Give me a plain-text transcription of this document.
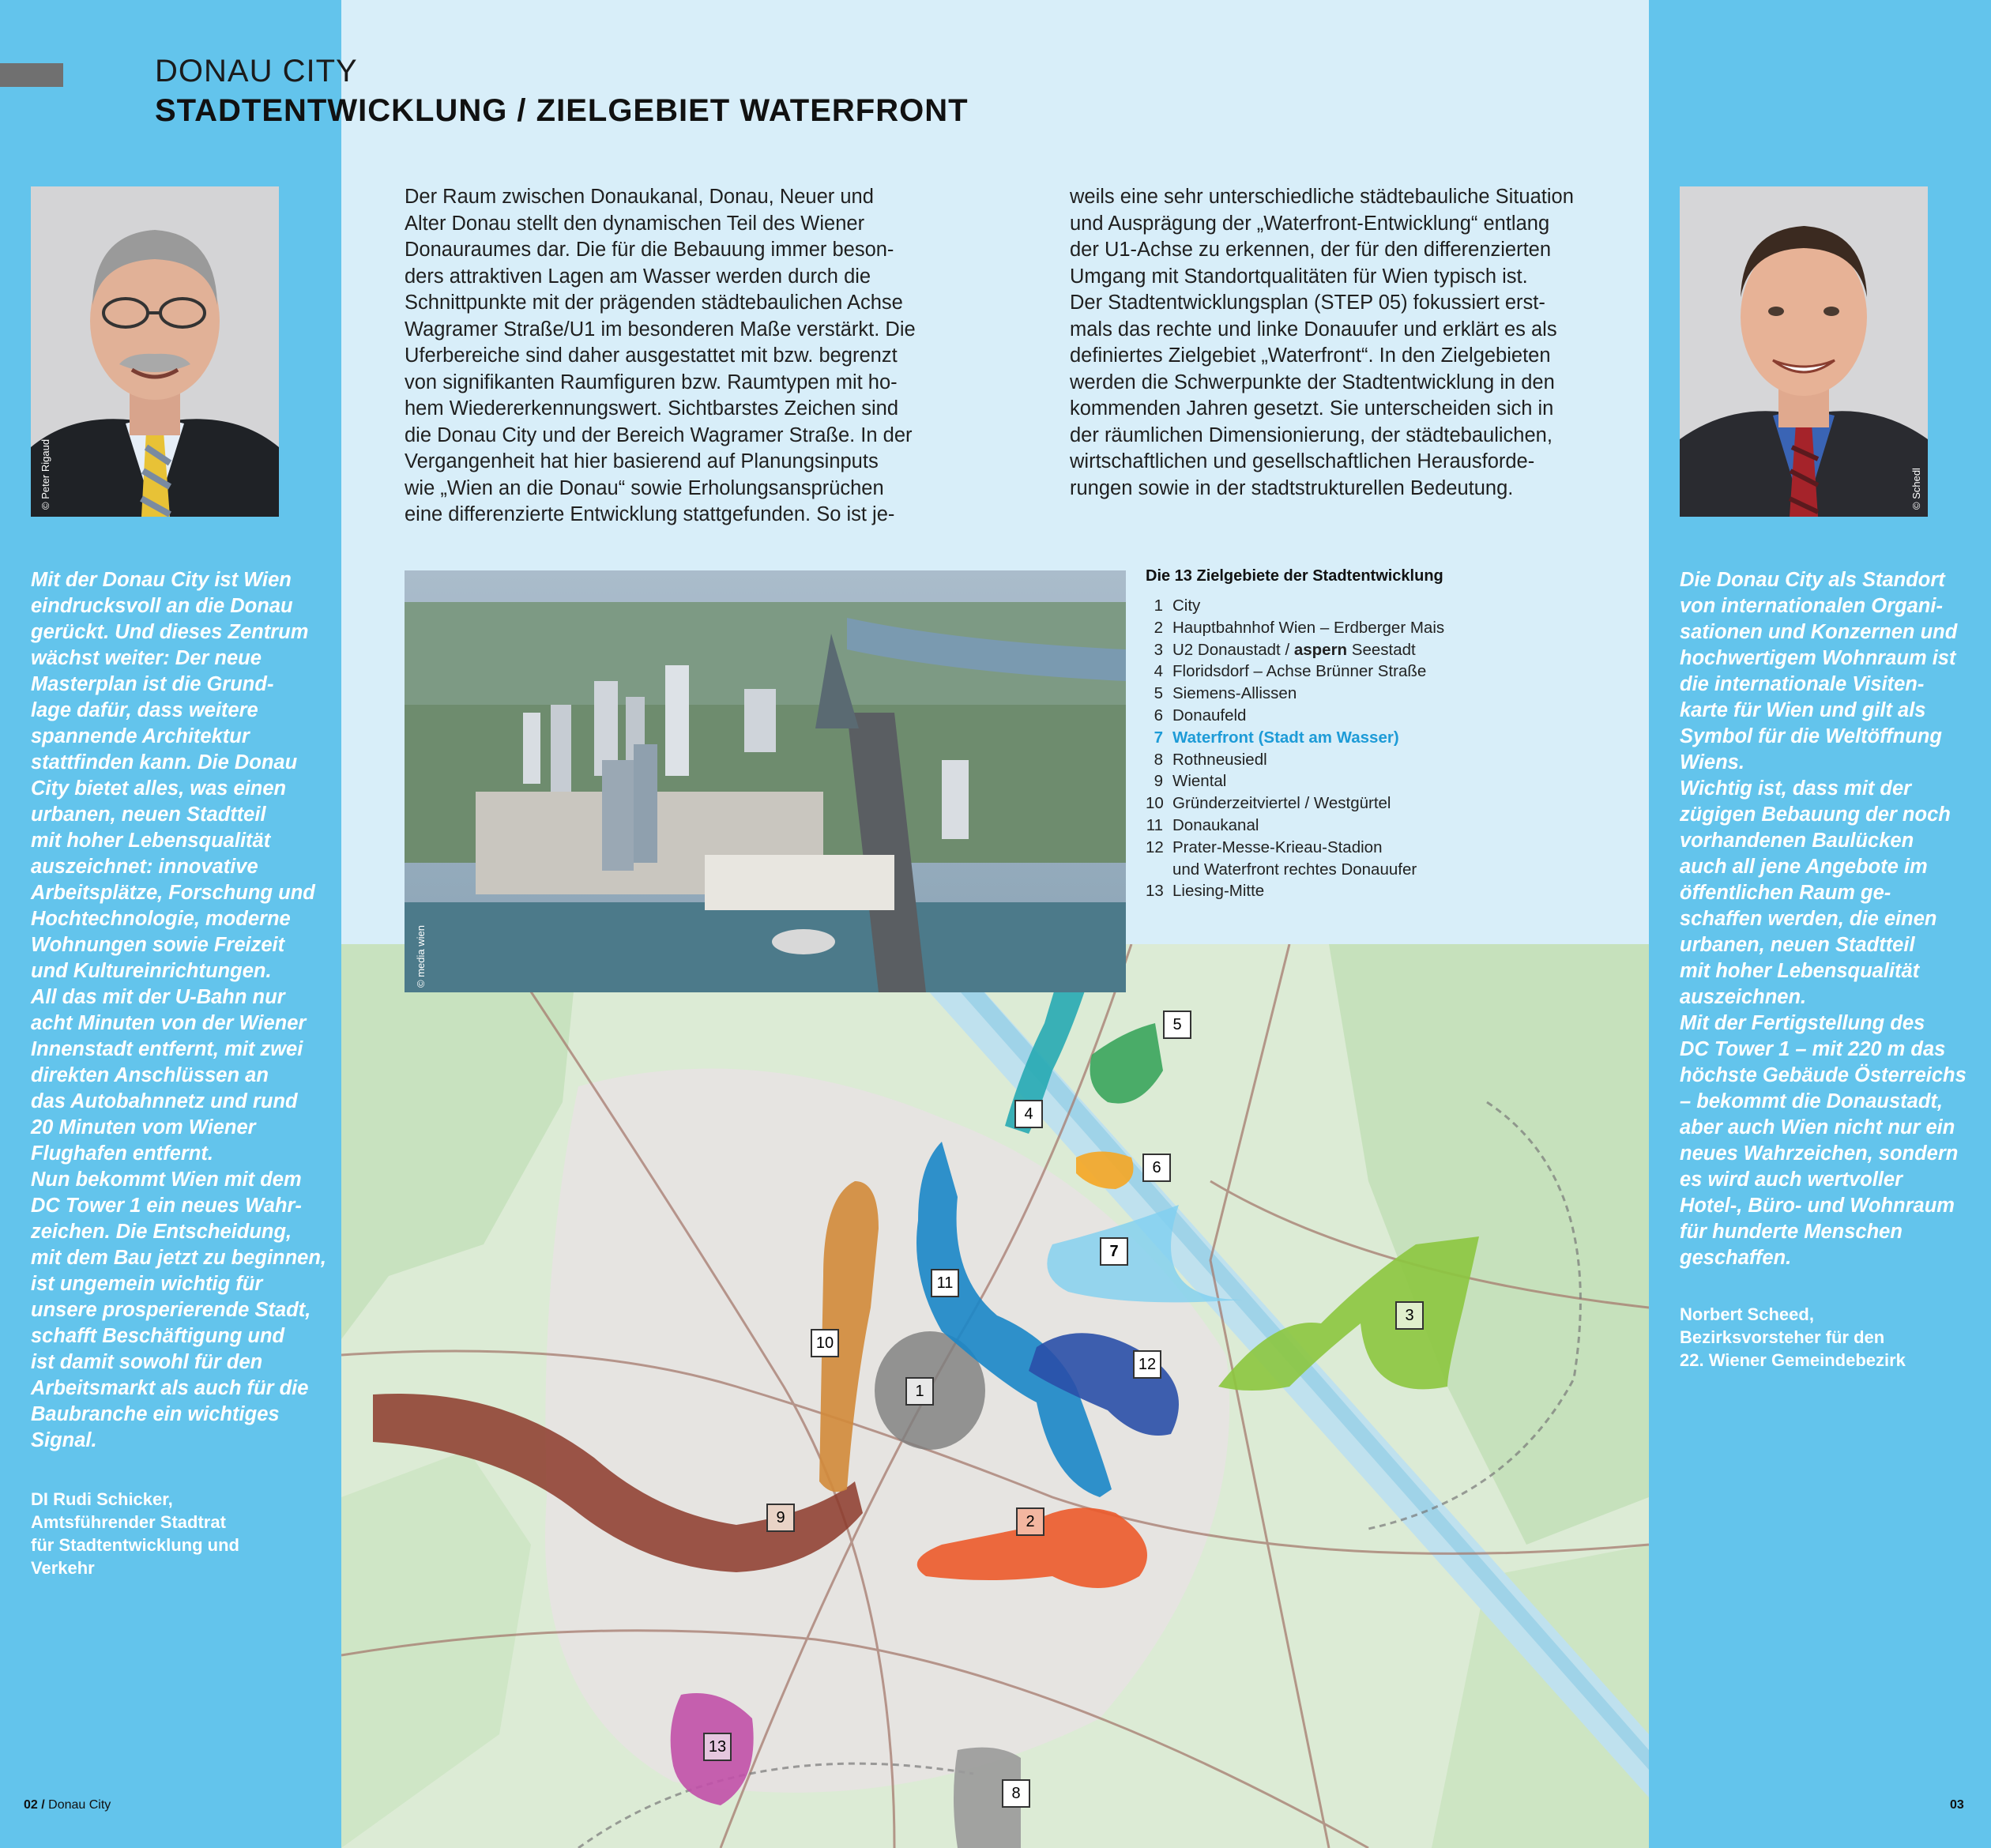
DONAU CITY
STADTENTWICKLUNG / ZIELGEBIET WATERFRONT
© Peter Rigaud	© Schedl
Mit der Donau City ist Wien
eindrucksvoll an die Donau
gerückt. Und dieses Zentrum
wächst weiter: Der neue
Masterplan ist die Grund-
lage dafür, dass weitere
spannende Architektur
stattfinden kann. Die Donau
City bietet alles, was einen
urbanen, neuen Stadtteil
mit hoher Lebensqualität
auszeichnet: innovative
Arbeitsplätze, Forschung und
Hochtechnologie, moderne
Wohnungen sowie Freizeit
und Kultureinrichtungen.
All das mit der U-Bahn nur
acht Minuten von der Wiener
Innenstadt entfernt, mit zwei
direkten Anschlüssen an
das Autobahnnetz und rund
20 Minuten vom Wiener
Flughafen entfernt.
Nun bekommt Wien mit dem
DC Tower 1 ein neues Wahr-
zeichen. Die Entscheidung,
mit dem Bau jetzt zu beginnen,
ist ungemein wichtig für
unsere prosperierende Stadt,
schafft Beschäftigung und
ist damit sowohl für den
Arbeitsmarkt als auch für die
Baubranche ein wichtiges
Signal.
DI Rudi Schicker,
Amtsführender Stadtrat
für Stadtentwicklung und
Verkehr
Die Donau City als Standort
von internationalen Organi-
sationen und Konzernen und
hochwertigem Wohnraum ist
die internationale Visiten-
karte für Wien und gilt als
Symbol für die Weltöffnung
Wiens.
Wichtig ist, dass mit der
zügigen Bebauung der noch
vorhandenen Baulücken
auch all jene Angebote im
öffentlichen Raum ge-
schaffen werden, die einen
urbanen, neuen Stadtteil
mit hoher Lebensqualität
auszeichnen.
Mit der Fertigstellung des
DC Tower 1 – mit 220 m das
höchste Gebäude Österreichs
– bekommt die Donaustadt,
aber auch Wien nicht nur ein
neues Wahrzeichen, sondern
es wird auch wertvoller
Hotel-, Büro- und Wohnraum
für hunderte Menschen
geschaffen.
Norbert Scheed,
Bezirksvorsteher für den
22. Wiener Gemeindebezirk
Der Raum zwischen Donaukanal, Donau, Neuer und
Alter Donau stellt den dynamischen Teil des Wiener
Donauraumes dar. Die für die Bebauung immer beson-
ders attraktiven Lagen am Wasser werden durch die
Schnittpunkte mit der prägenden städtebaulichen Achse
Wagramer Straße/U1 im besonderen Maße verstärkt. Die
Uferbereiche sind daher ausgestattet mit bzw. begrenzt
von signifikanten Raumfiguren bzw. Raumtypen mit ho-
hem Wiedererkennungswert. Sichtbarstes Zeichen sind
die Donau City und der Bereich Wagramer Straße. In der
Vergangenheit hat hier basierend auf Planungsinputs
wie „Wien an die Donau“ sowie Erholungsansprüchen
eine differenzierte Entwicklung stattgefunden. So ist je-
weils eine sehr unterschiedliche städtebauliche Situation
und Ausprägung der „Waterfront-Entwicklung“ entlang
der U1-Achse zu erkennen, der für den differenzierten
Umgang mit Standortqualitäten für Wien typisch ist.
Der Stadtentwicklungsplan (STEP 05) fokussiert erst-
mals das rechte und linke Donauufer und erklärt es als
definiertes Zielgebiet „Waterfront“. In den Zielgebieten
werden die Schwerpunkte der Stadtentwicklung in den
kommenden Jahren gesetzt. Sie unterscheiden sich in
der räumlichen Dimensionierung, der städtebaulichen,
wirtschaftlichen und gesellschaftlichen Herausforde-
rungen sowie in der stadtstrukturellen Bedeutung.
1
2
3
4
5
6
7
8
9
10
11
12
13
© media wien
Die 13 Zielgebiete der Stadtentwicklung
1 City
2 Hauptbahnhof Wien – Erdberger Mais
3 U2 Donaustadt / aspern Seestadt
4 Floridsdorf – Achse Brünner Straße
5 Siemens-Allissen
6 Donaufeld
7 Waterfront (Stadt am Wasser)
8 Rothneusiedl
9 Wiental
10 Gründerzeitviertel / Westgürtel
11 Donaukanal
12 Prater-Messe-Krieau-Stadion
und Waterfront rechtes Donauufer
13 Liesing-Mitte
02 / Donau City	03
